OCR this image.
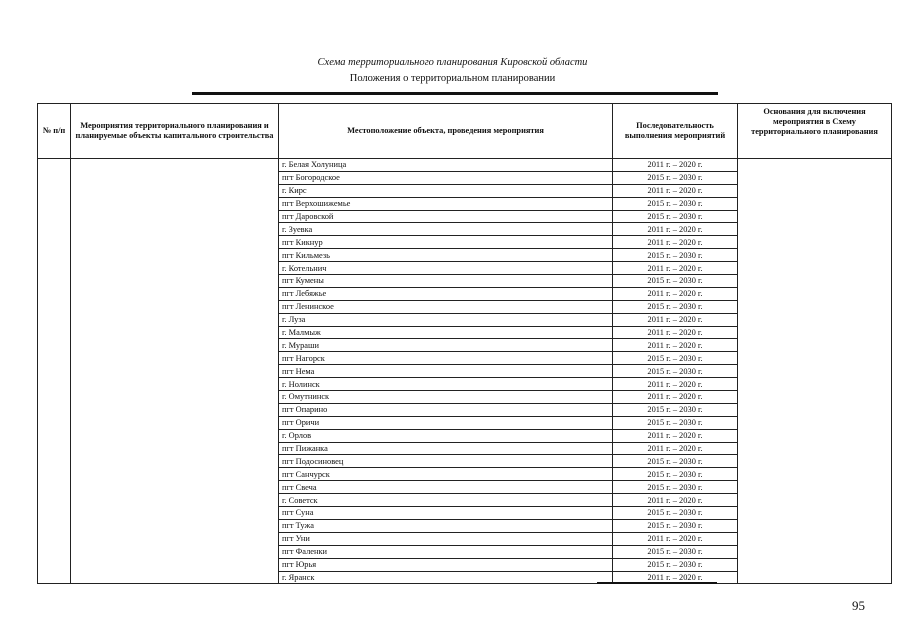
Схема территориального планирования Кировской области
Положения о территориальном планировании
№ п/п	Мероприятия территориального планирования и планируемые объекты капитального строительства	Местоположение объекта, проведения мероприятия	Последовательность выполнения мероприятий	Основания для включения мероприятия в Схему территориального планирования
		г. Белая Холуница	2011 г. – 2020 г.	
		пгт Богородское	2015 г. – 2030 г.	
		г. Кирс	2011 г. – 2020 г.	
		пгт Верхошижемье	2015 г. – 2030 г.	
		пгт Даровской	2015 г. – 2030 г.	
		г. Зуевка	2011 г. – 2020 г.	
		пгт Кикнур	2011 г. – 2020 г.	
		пгт Кильмезь	2015 г. – 2030 г.	
		г. Котельнич	2011 г. – 2020 г.	
		пгт Кумены	2015 г. – 2030 г.	
		пгт Лебяжье	2011 г. – 2020 г.	
		пгт Ленинское	2015 г. – 2030 г.	
		г. Луза	2011 г. – 2020 г.	
		г. Малмыж	2011 г. – 2020 г.	
		г. Мураши	2011 г. – 2020 г.	
		пгт Нагорск	2015 г. – 2030 г.	
		пгт Нема	2015 г. – 2030 г.	
		г. Нолинск	2011 г. – 2020 г.	
		г. Омутнинск	2011 г. – 2020 г.	
		пгт Опарино	2015 г. – 2030 г.	
		пгт Оричи	2015 г. – 2030 г.	
		г. Орлов	2011 г. – 2020 г.	
		пгт Пижанка	2011 г. – 2020 г.	
		пгт Подосиновец	2015 г. – 2030 г.	
		пгт Санчурск	2015 г. – 2030 г.	
		пгт Свеча	2015 г. – 2030 г.	
		г. Советск	2011 г. – 2020 г.	
		пгт Суна	2015 г. – 2030 г.	
		пгт Тужа	2015 г. – 2030 г.	
		пгт Уни	2011 г. – 2020 г.	
		пгт Фаленки	2015 г. – 2030 г.	
		пгт Юрья	2015 г. – 2030 г.	
		г. Яранск	2011 г. – 2020 г.	
95
